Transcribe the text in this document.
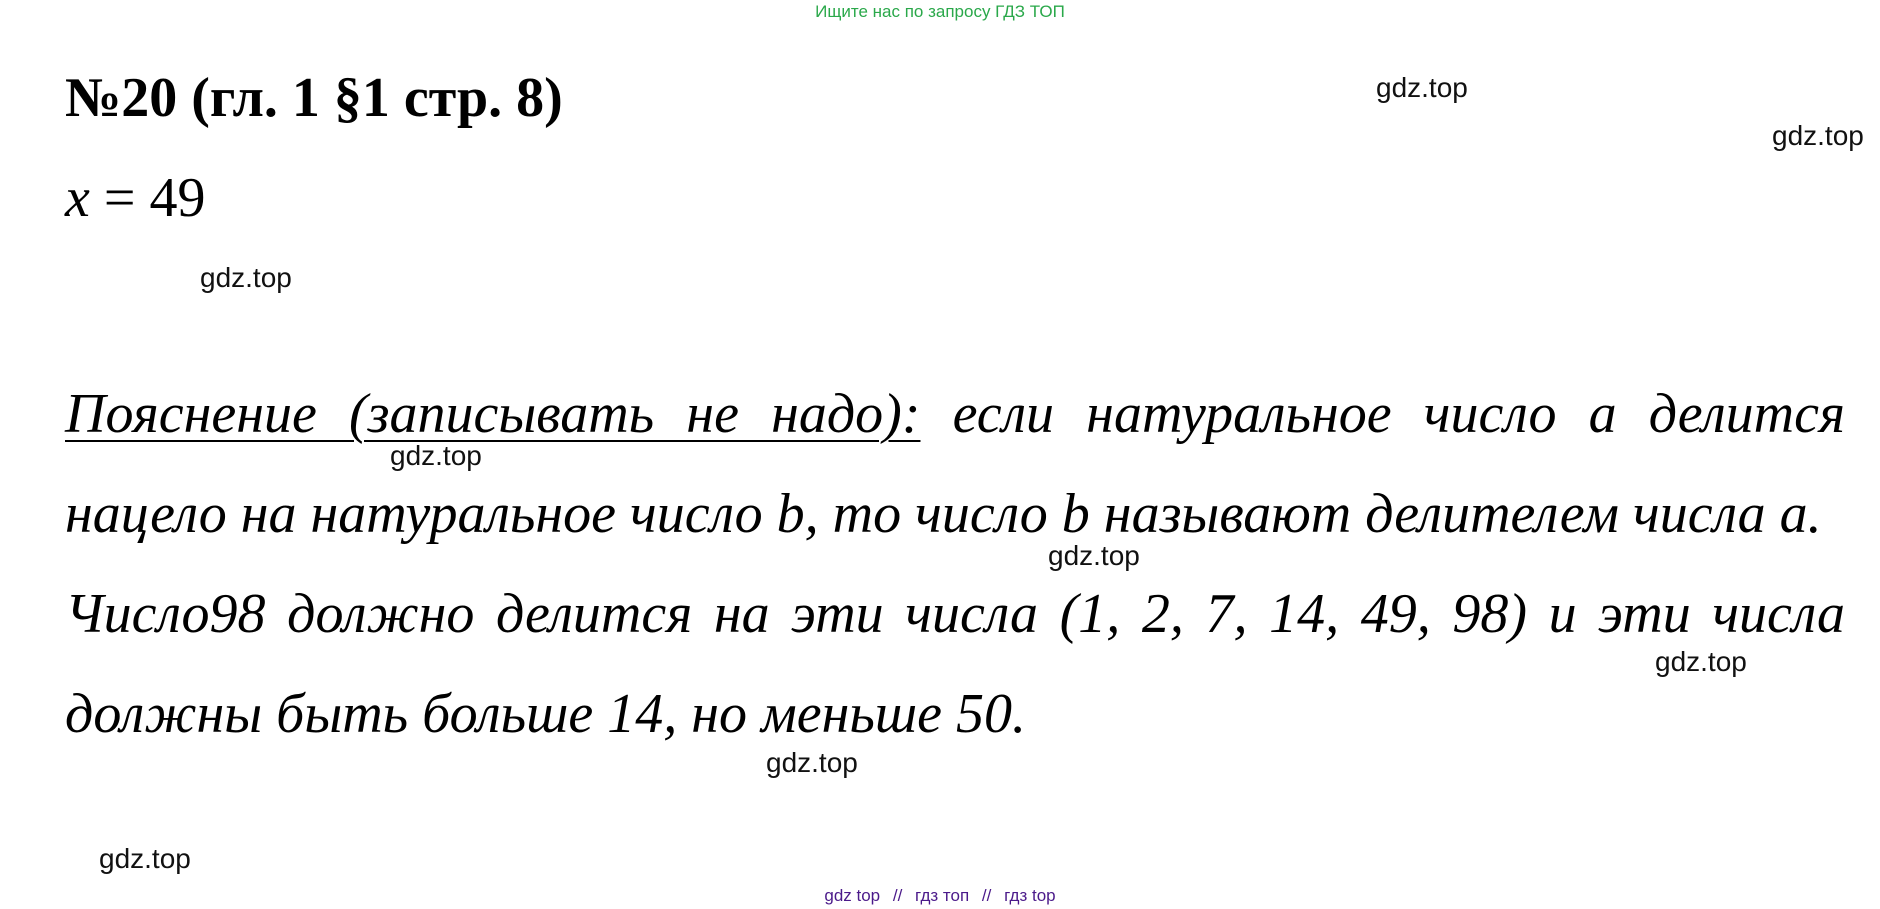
Ищите нас по запросу ГДЗ ТОП
№20 (гл. 1 §1 стр. 8)
x = 49

Пояснение (записывать не надо): если натуральное число a делится нацело на натуральное число b, то число b называют делителем числа a.

Число98 должно делится на эти числа (1, 2, 7, 14, 49, 98) и эти числа должны быть больше 14, но меньше 50.

gdz.top
gdz.top
gdz.top
gdz.top
gdz.top
gdz.top
gdz.top
gdz.top
gdz top // гдз топ // гдз top
